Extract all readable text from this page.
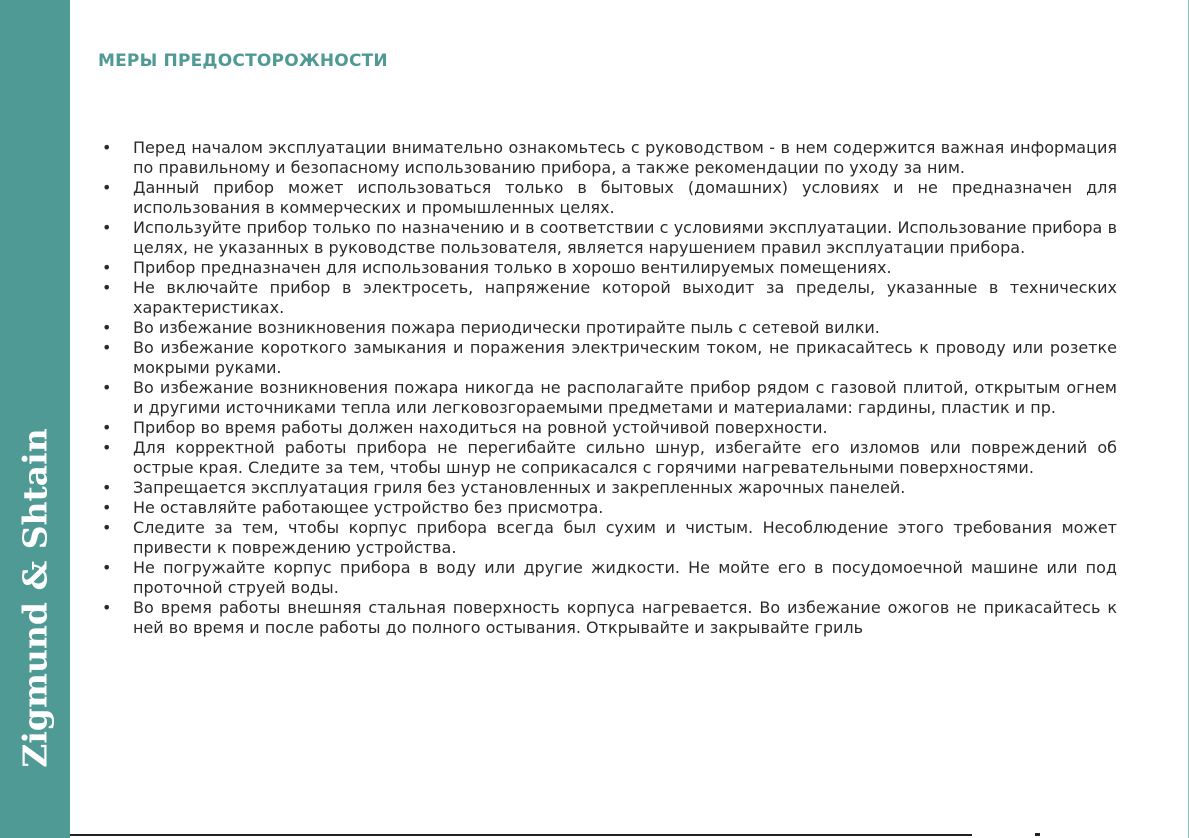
Zigmund & Shtain
МЕРЫ ПРЕДОСТОРОЖНОСТИ
• Перед началом эксплуатации внимательно ознакомьтесь с руководством - в нем содержится важная информация по правильному и безопасному использованию прибора, а также рекомендации по уходу за ним.
• Данный прибор может использоваться только в бытовых (домашних) условиях и не предназначен для использования в коммерческих и промышленных целях.
• Используйте прибор только по назначению и в соответствии с условиями эксплуатации. Использование прибора в целях, не указанных в руководстве пользователя, является нарушением правил эксплуатации прибора.
• Прибор предназначен для использования только в хорошо вентилируемых помещениях.
• Не включайте прибор в электросеть, напряжение которой выходит за пределы, указанные в технических характеристиках.
• Во избежание возникновения пожара периодически протирайте пыль с сетевой вилки.
• Во избежание короткого замыкания и поражения электрическим током, не прикасайтесь к проводу или розетке мокрыми руками.
• Во избежание возникновения пожара никогда не располагайте прибор рядом с газовой плитой, открытым огнем и другими источниками тепла или легковозгораемыми предметами и материалами: гардины, пластик и пр.
• Прибор во время работы должен находиться на ровной устойчивой поверхности.
• Для корректной работы прибора не перегибайте сильно шнур, избегайте его изломов или повреждений об острые края. Следите за тем, чтобы шнур не соприкасался с горячими нагревательными поверхностями.
• Запрещается эксплуатация гриля без установленных и закрепленных жарочных панелей.
• Не оставляйте работающее устройство без присмотра.
• Следите за тем, чтобы корпус прибора всегда был сухим и чистым. Несоблюдение этого требования может привести к повреждению устройства.
• Не погружайте корпус прибора в воду или другие жидкости. Не мойте его в посудомоечной машине или под проточной струей воды.
• Во время работы внешняя стальная поверхность корпуса нагревается. Во избежание ожогов не прикасайтесь к ней во время и после работы до полного остывания. Открывайте и закрывайте гриль
